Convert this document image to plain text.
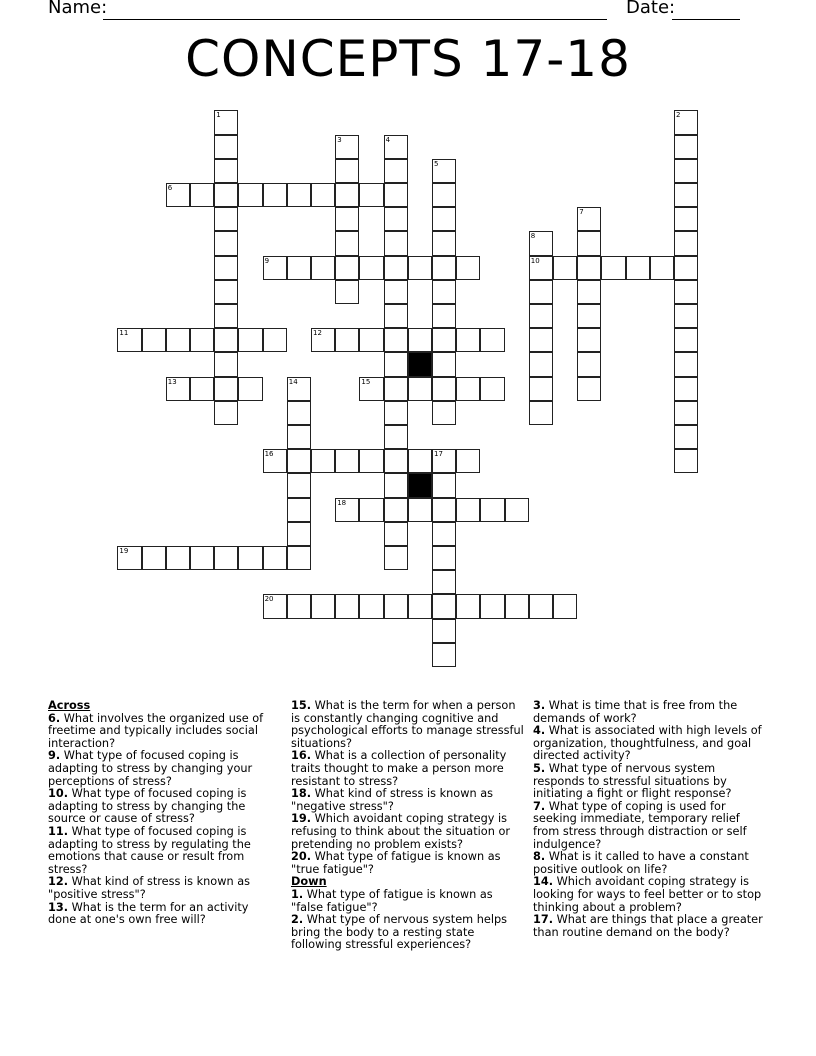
Name:	Date:
CONCEPTS 17-18
1	2
3	4
5
6
7
8
10
9
11	12
13	14	15
16	17
18
19
20
Across
6. What involves the organized use of freetime and typically includes social interaction?
9. What type of focused coping is adapting to stress by changing your perceptions of stress?
10. What type of focused coping is adapting to stress by changing the source or cause of stress?
11. What type of focused coping is adapting to stress by regulating the emotions that cause or result from stress?
12. What kind of stress is known as "positive stress"?
13. What is the term for an activity done at one's own free will?
15. What is the term for when a person is constantly changing cognitive and psychological efforts to manage stressful situations?
16. What is a collection of personality traits thought to make a person more resistant to stress?
18. What kind of stress is known as "negative stress"?
19. Which avoidant coping strategy is refusing to think about the situation or pretending no problem exists?
20. What type of fatigue is known as "true fatigue"?
Down
1. What type of fatigue is known as "false fatigue"?
2. What type of nervous system helps bring the body to a resting state following stressful experiences?
3. What is time that is free from the demands of work?
4. What is associated with high levels of organization, thoughtfulness, and goal directed activity?
5. What type of nervous system responds to stressful situations by initiating a fight or flight response?
7. What type of coping is used for seeking immediate, temporary relief from stress through distraction or self indulgence?
8. What is it called to have a constant positive outlook on life?
14. Which avoidant coping strategy is looking for ways to feel better or to stop thinking about a problem?
17. What are things that place a greater than routine demand on the body?
